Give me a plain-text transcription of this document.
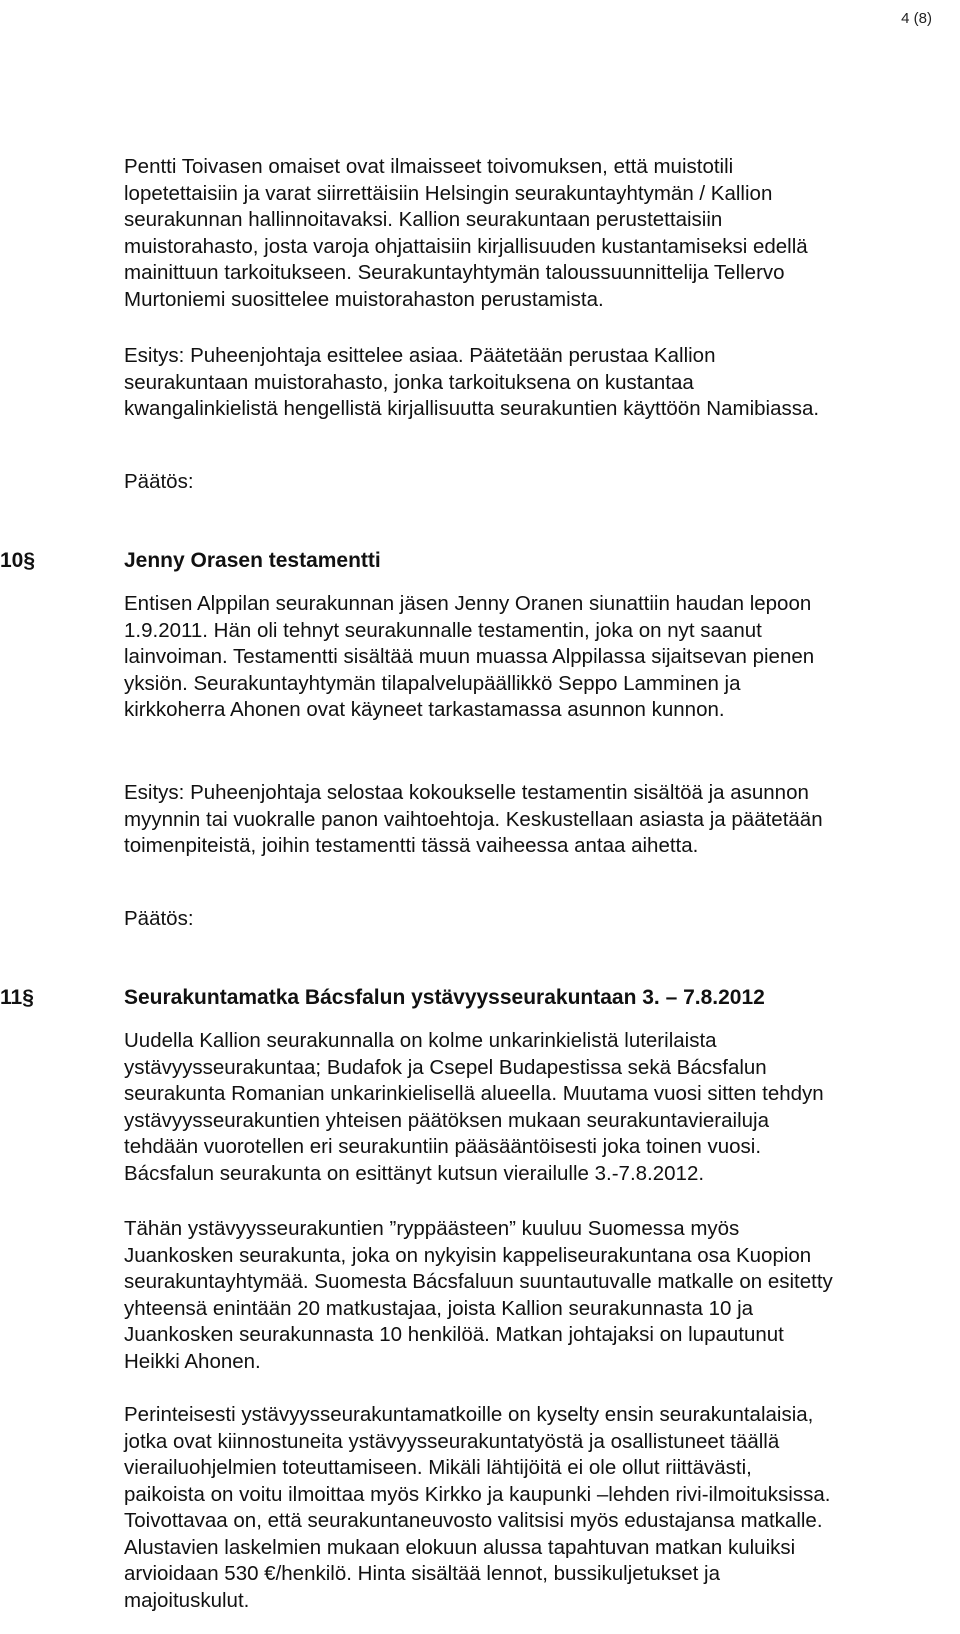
4 (8)
Pentti Toivasen omaiset ovat ilmaisseet toivomuksen, että muistotili
lopetettaisiin ja varat siirrettäisiin Helsingin seurakuntayhtymän / Kallion
seurakunnan hallinnoitavaksi. Kallion seurakuntaan perustettaisiin
muistorahasto, josta varoja ohjattaisiin kirjallisuuden kustantamiseksi edellä
mainittuun tarkoitukseen. Seurakuntayhtymän taloussuunnittelija Tellervo
Murtoniemi suosittelee muistorahaston perustamista.
Esitys: Puheenjohtaja esittelee asiaa. Päätetään perustaa Kallion
seurakuntaan muistorahasto, jonka tarkoituksena on kustantaa
kwangalinkielistä hengellistä kirjallisuutta seurakuntien käyttöön Namibiassa.
Päätös:
10§	Jenny Orasen testamentti
Entisen Alppilan seurakunnan jäsen Jenny Oranen siunattiin haudan lepoon
1.9.2011. Hän oli tehnyt seurakunnalle testamentin, joka on nyt saanut
lainvoiman. Testamentti sisältää muun muassa Alppilassa sijaitsevan pienen
yksiön. Seurakuntayhtymän tilapalvelupäällikkö Seppo Lamminen ja
kirkkoherra Ahonen ovat käyneet tarkastamassa asunnon kunnon.
Esitys: Puheenjohtaja selostaa kokoukselle testamentin sisältöä ja asunnon
myynnin tai vuokralle panon vaihtoehtoja. Keskustellaan asiasta ja päätetään
toimenpiteistä, joihin testamentti tässä vaiheessa antaa aihetta.
Päätös:
11§	Seurakuntamatka Bácsfalun ystävyysseurakuntaan 3. – 7.8.2012
Uudella Kallion seurakunnalla on kolme unkarinkielistä luterilaista
ystävyysseurakuntaa; Budafok ja Csepel Budapestissa sekä Bácsfalun
seurakunta Romanian unkarinkielisellä alueella. Muutama vuosi sitten tehdyn
ystävyysseurakuntien yhteisen päätöksen mukaan seurakuntavierailuja
tehdään vuorotellen eri seurakuntiin pääsääntöisesti joka toinen vuosi.
Bácsfalun seurakunta on esittänyt kutsun vierailulle 3.-7.8.2012.
Tähän ystävyysseurakuntien ”ryppäästeen” kuuluu Suomessa myös
Juankosken seurakunta, joka on nykyisin kappeliseurakuntana osa Kuopion
seurakuntayhtymää. Suomesta Bácsfaluun suuntautuvalle matkalle on esitetty
yhteensä enintään 20 matkustajaa, joista Kallion seurakunnasta 10 ja
Juankosken seurakunnasta 10 henkilöä. Matkan johtajaksi on lupautunut
Heikki Ahonen.
Perinteisesti ystävyysseurakuntamatkoille on kyselty ensin seurakuntalaisia,
jotka ovat kiinnostuneita ystävyysseurakuntatyöstä ja osallistuneet täällä
vierailuohjelmien toteuttamiseen. Mikäli lähtijöitä ei ole ollut riittävästi,
paikoista on voitu ilmoittaa myös Kirkko ja kaupunki –lehden rivi-ilmoituksissa.
Toivottavaa on, että seurakuntaneuvosto valitsisi myös edustajansa matkalle.
Alustavien laskelmien mukaan elokuun alussa tapahtuvan matkan kuluiksi
arvioidaan 530 €/henkilö. Hinta sisältää lennot, bussikuljetukset ja
majoituskulut.
